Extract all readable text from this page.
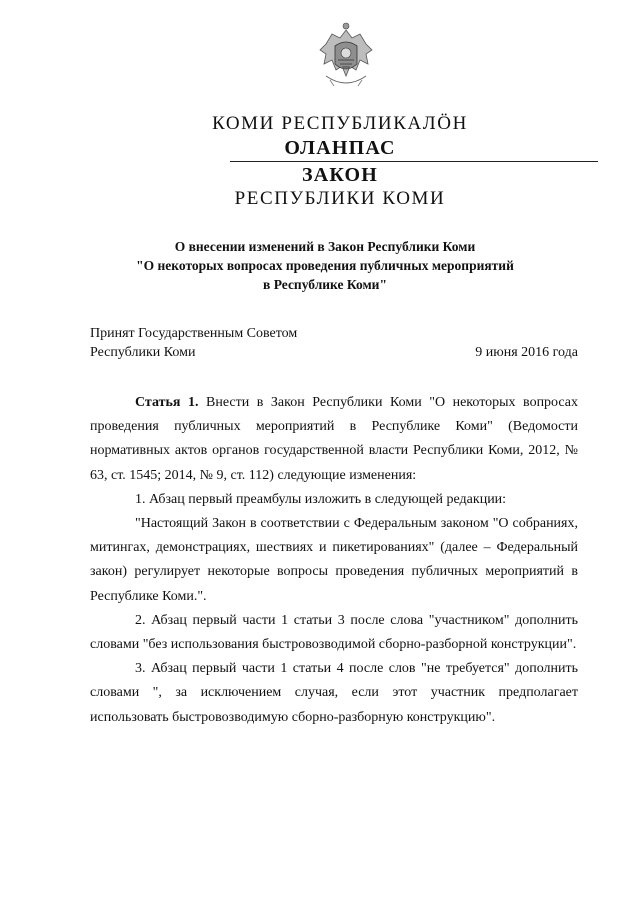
КОМИ РЕСПУБЛИКАЛÖН
ОЛАНПАС
ЗАКОН
РЕСПУБЛИКИ КОМИ
О внесении изменений в Закон Республики Коми
"О некоторых вопросах проведения публичных мероприятий
в Республике Коми"
Принят Государственным Советом
Республики Коми	9 июня 2016 года

Статья 1. Внести в Закон Республики Коми "О некоторых вопросах проведения публичных мероприятий в Республике Коми" (Ведомости нормативных актов органов государственной власти Республики Коми, 2012, № 63, ст. 1545; 2014, № 9, ст. 112) следующие изменения:

1. Абзац первый преамбулы изложить в следующей редакции:

"Настоящий Закон в соответствии с Федеральным законом "О собраниях, митингах, демонстрациях, шествиях и пикетированиях" (далее – Федеральный закон) регулирует некоторые вопросы проведения публичных мероприятий в Республике Коми.".

2. Абзац первый части 1 статьи 3 после слова "участником" дополнить словами "без использования быстровозводимой сборно-разборной конструкции".

3. Абзац первый части 1 статьи 4 после слов "не требуется" дополнить словами ", за исключением случая, если этот участник предполагает использовать быстровозводимую сборно-разборную конструкцию".
